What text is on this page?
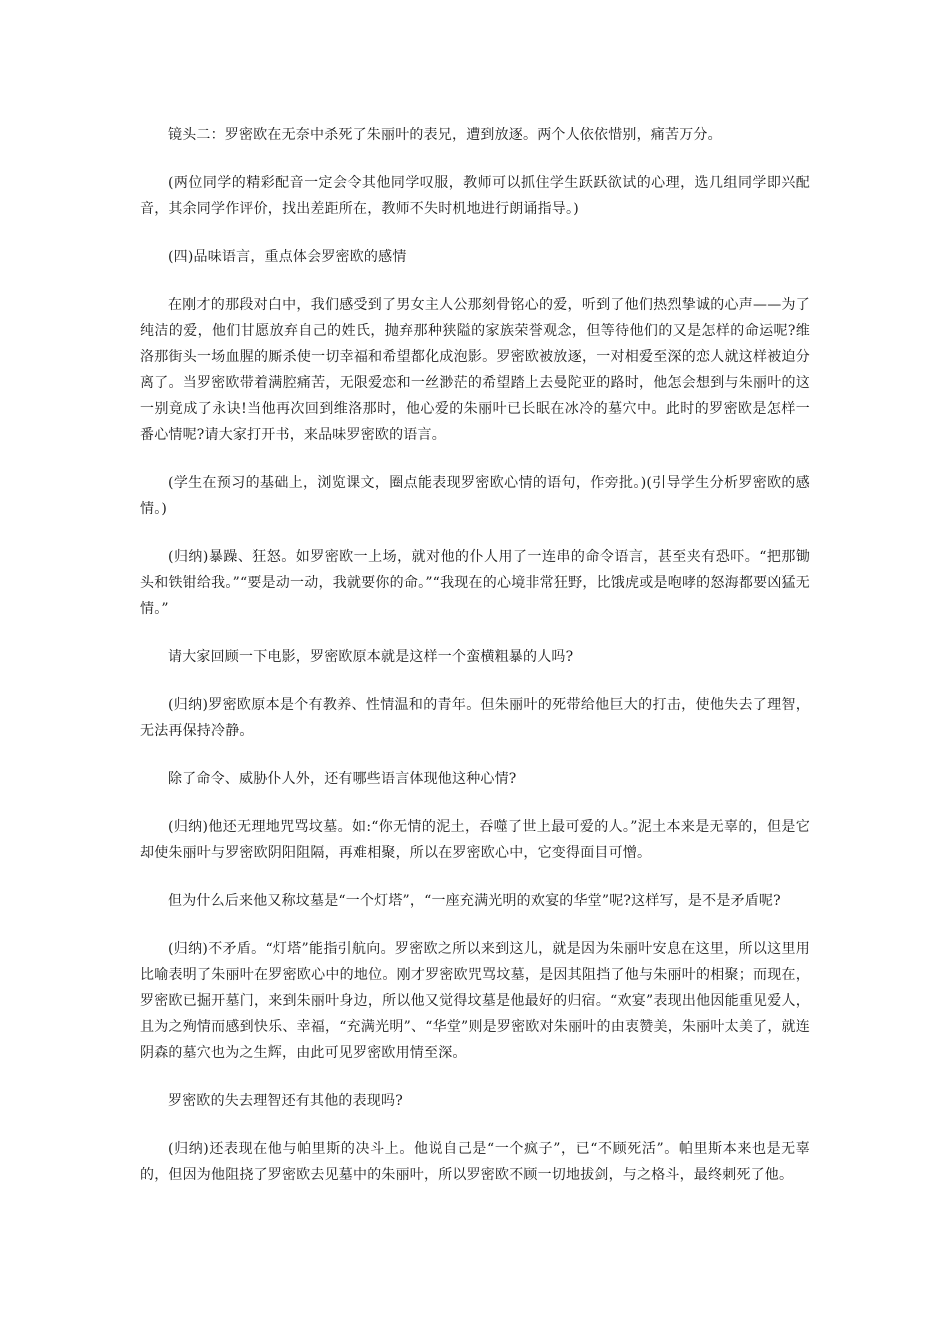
镜头二：罗密欧在无奈中杀死了朱丽叶的表兄，遭到放逐。两个人依依惜别，痛苦万分。

(两位同学的精彩配音一定会令其他同学叹服，教师可以抓住学生跃跃欲试的心理，选几组同学即兴配音，其余同学作评价，找出差距所在，教师不失时机地进行朗诵指导。)

(四)品味语言，重点体会罗密欧的感情

在刚才的那段对白中，我们感受到了男女主人公那刻骨铭心的爱，听到了他们热烈挚诚的心声——为了纯洁的爱，他们甘愿放弃自己的姓氏，抛弃那种狭隘的家族荣誉观念，但等待他们的又是怎样的命运呢?维洛那街头一场血腥的厮杀使一切幸福和希望都化成泡影。罗密欧被放逐，一对相爱至深的恋人就这样被迫分离了。当罗密欧带着满腔痛苦，无限爱恋和一丝渺茫的希望踏上去曼陀亚的路时，他怎会想到与朱丽叶的这一别竟成了永诀!当他再次回到维洛那时，他心爱的朱丽叶已长眠在冰冷的墓穴中。此时的罗密欧是怎样一番心情呢?请大家打开书，来品味罗密欧的语言。

(学生在预习的基础上，浏览课文，圈点能表现罗密欧心情的语句，作旁批。)(引导学生分析罗密欧的感情。)

(归纳)暴躁、狂怒。如罗密欧一上场，就对他的仆人用了一连串的命令语言，甚至夹有恐吓。“把那锄头和铁钳给我。”“要是动一动，我就要你的命。”“我现在的心境非常狂野，比饿虎或是咆哮的怒海都要凶猛无情。”

请大家回顾一下电影，罗密欧原本就是这样一个蛮横粗暴的人吗?

(归纳)罗密欧原本是个有教养、性情温和的青年。但朱丽叶的死带给他巨大的打击，使他失去了理智，无法再保持冷静。

除了命令、威胁仆人外，还有哪些语言体现他这种心情?

(归纳)他还无理地咒骂坟墓。如:“你无情的泥土，吞噬了世上最可爱的人。”泥土本来是无辜的，但是它却使朱丽叶与罗密欧阴阳阻隔，再难相聚，所以在罗密欧心中，它变得面目可憎。

但为什么后来他又称坟墓是“一个灯塔”，“一座充满光明的欢宴的华堂”呢?这样写，是不是矛盾呢?

(归纳)不矛盾。“灯塔”能指引航向。罗密欧之所以来到这儿，就是因为朱丽叶安息在这里，所以这里用比喻表明了朱丽叶在罗密欧心中的地位。刚才罗密欧咒骂坟墓，是因其阻挡了他与朱丽叶的相聚；而现在，罗密欧已掘开墓门，来到朱丽叶身边，所以他又觉得坟墓是他最好的归宿。“欢宴”表现出他因能重见爱人，且为之殉情而感到快乐、幸福，“充满光明”、“华堂”则是罗密欧对朱丽叶的由衷赞美，朱丽叶太美了，就连阴森的墓穴也为之生辉，由此可见罗密欧用情至深。

罗密欧的失去理智还有其他的表现吗?

(归纳)还表现在他与帕里斯的决斗上。他说自己是“一个疯子”，已“不顾死活”。帕里斯本来也是无辜的，但因为他阻挠了罗密欧去见墓中的朱丽叶，所以罗密欧不顾一切地拔剑，与之格斗，最终刺死了他。
